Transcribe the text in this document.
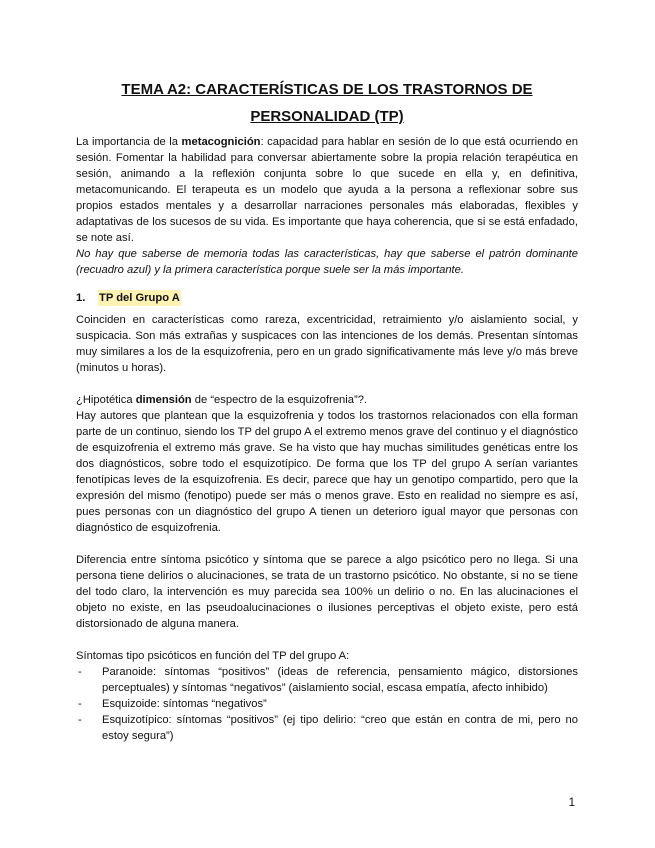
TEMA A2: CARACTERÍSTICAS DE LOS TRASTORNOS DE PERSONALIDAD (TP)

La importancia de la metacognición: capacidad para hablar en sesión de lo que está ocurriendo en sesión. Fomentar la habilidad para conversar abiertamente sobre la propia relación terapéutica en sesión, animando a la reflexión conjunta sobre lo que sucede en ella y, en definitiva, metacomunicando. El terapeuta es un modelo que ayuda a la persona a reflexionar sobre sus propios estados mentales y a desarrollar narraciones personales más elaboradas, flexibles y adaptativas de los sucesos de su vida. Es importante que haya coherencia, que si se está enfadado, se note así.

No hay que saberse de memoria todas las características, hay que saberse el patrón dominante (recuadro azul) y la primera característica porque suele ser la más importante.

1.	TP del Grupo A

Coinciden en características como rareza, excentricidad, retraimiento y/o aislamiento social, y suspicacia. Son más extrañas y suspicaces con las intenciones de los demás. Presentan síntomas muy similares a los de la esquizofrenia, pero en un grado significativamente más leve y/o más breve (minutos u horas).

¿Hipotética dimensión de “espectro de la esquizofrenia”?.

Hay autores que plantean que la esquizofrenia y todos los trastornos relacionados con ella forman parte de un continuo, siendo los TP del grupo A el extremo menos grave del continuo y el diagnóstico de esquizofrenia el extremo más grave. Se ha visto que hay muchas similitudes genéticas entre los dos diagnósticos, sobre todo el esquizotípico. De forma que los TP del grupo A serían variantes fenotípicas leves de la esquizofrenia. Es decir, parece que hay un genotipo compartido, pero que la expresión del mismo (fenotipo) puede ser más o menos grave. Esto en realidad no siempre es así, pues personas con un diagnóstico del grupo A tienen un deterioro igual mayor que personas con diagnóstico de esquizofrenia.

Diferencia entre síntoma psicótico y síntoma que se parece a algo psicótico pero no llega. Si una persona tiene delirios o alucinaciones, se trata de un trastorno psicótico. No obstante, si no se tiene del todo claro, la intervención es muy parecida sea 100% un delirio o no. En las alucinaciones el objeto no existe, en las pseudoalucinaciones o ilusiones perceptivas el objeto existe, pero está distorsionado de alguna manera.

Síntomas tipo psicóticos en función del TP del grupo A:

- Paranoide: síntomas “positivos” (ideas de referencia, pensamiento mágico, distorsiones perceptuales) y síntomas “negativos” (aislamiento social, escasa empatía, afecto inhibido)
- Esquizoide: síntomas “negativos”
- Esquizotípico: síntomas “positivos” (ej tipo delirio: “creo que están en contra de mi, pero no estoy segura”)
1
